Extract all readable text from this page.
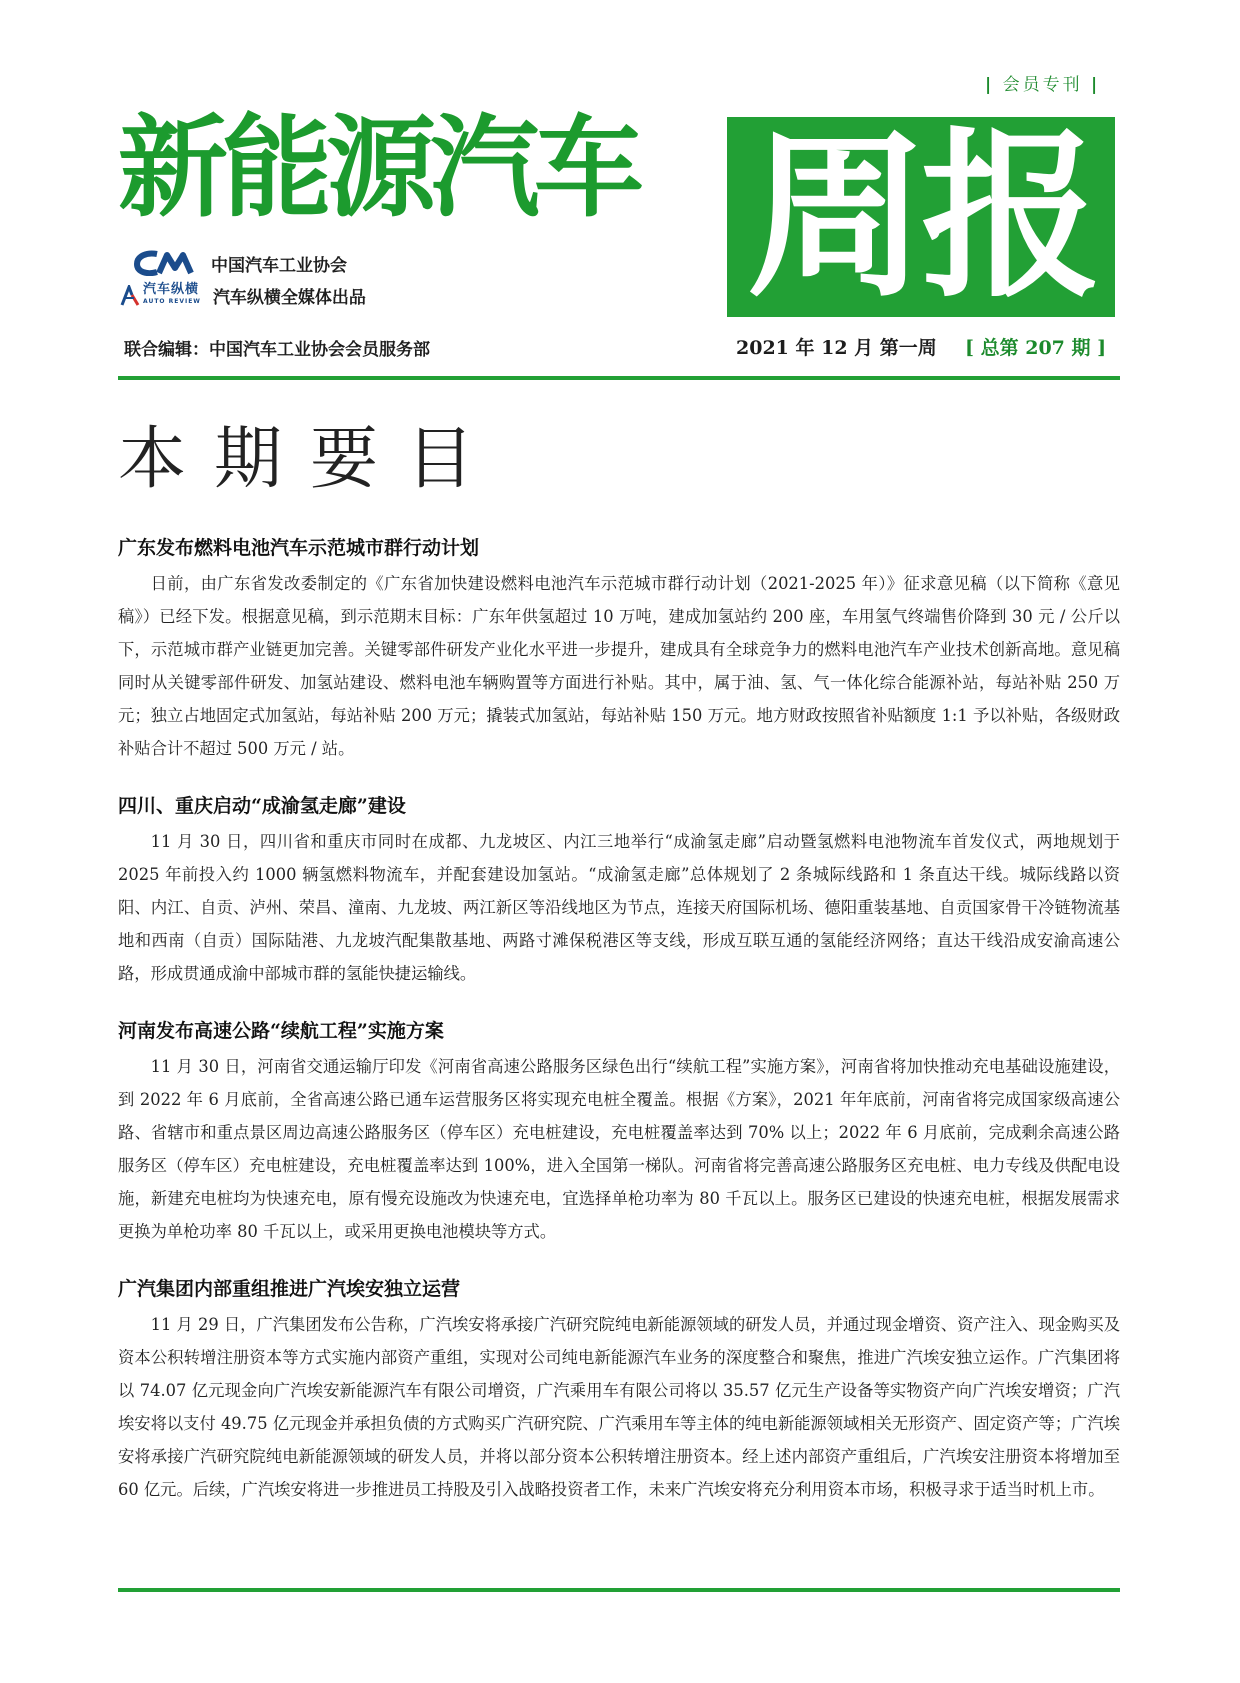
| 会员专刊 |
新能源汽车 周报
中国汽车工业协会
汽车纵横
AUTO REVIEW 汽车纵横全媒体出品
联合编辑：中国汽车工业协会会员服务部	2021 年 12 月 第一周 [ 总第 207 期 ]
本期要目
广东发布燃料电池汽车示范城市群行动计划

日前，由广东省发改委制定的《广东省加快建设燃料电池汽车示范城市群行动计划（2021-2025 年）》征求意见稿（以下简称《意见稿》）已经下发。根据意见稿，到示范期末目标：广东年供氢超过 10 万吨，建成加氢站约 200 座，车用氢气终端售价降到 30 元 / 公斤以下，示范城市群产业链更加完善。关键零部件研发产业化水平进一步提升，建成具有全球竞争力的燃料电池汽车产业技术创新高地。意见稿同时从关键零部件研发、加氢站建设、燃料电池车辆购置等方面进行补贴。其中，属于油、氢、气一体化综合能源补站，每站补贴 250 万元；独立占地固定式加氢站，每站补贴 200 万元；撬装式加氢站，每站补贴 150 万元。地方财政按照省补贴额度 1:1 予以补贴，各级财政补贴合计不超过 500 万元 / 站。

四川、重庆启动“成渝氢走廊”建设

11 月 30 日，四川省和重庆市同时在成都、九龙坡区、内江三地举行“成渝氢走廊”启动暨氢燃料电池物流车首发仪式，两地规划于 2025 年前投入约 1000 辆氢燃料物流车，并配套建设加氢站。“成渝氢走廊”总体规划了 2 条城际线路和 1 条直达干线。城际线路以资阳、内江、自贡、泸州、荣昌、潼南、九龙坡、两江新区等沿线地区为节点，连接天府国际机场、德阳重装基地、自贡国家骨干冷链物流基地和西南（自贡）国际陆港、九龙坡汽配集散基地、两路寸滩保税港区等支线，形成互联互通的氢能经济网络；直达干线沿成安渝高速公路，形成贯通成渝中部城市群的氢能快捷运输线。

河南发布高速公路“续航工程”实施方案

11 月 30 日，河南省交通运输厅印发《河南省高速公路服务区绿色出行“续航工程”实施方案》，河南省将加快推动充电基础设施建设，到 2022 年 6 月底前，全省高速公路已通车运营服务区将实现充电桩全覆盖。根据《方案》，2021 年年底前，河南省将完成国家级高速公路、省辖市和重点景区周边高速公路服务区（停车区）充电桩建设，充电桩覆盖率达到 70% 以上；2022 年 6 月底前，完成剩余高速公路服务区（停车区）充电桩建设，充电桩覆盖率达到 100%，进入全国第一梯队。河南省将完善高速公路服务区充电桩、电力专线及供配电设施，新建充电桩均为快速充电，原有慢充设施改为快速充电，宜选择单枪功率为 80 千瓦以上。服务区已建设的快速充电桩，根据发展需求更换为单枪功率 80 千瓦以上，或采用更换电池模块等方式。

广汽集团内部重组推进广汽埃安独立运营

11 月 29 日，广汽集团发布公告称，广汽埃安将承接广汽研究院纯电新能源领域的研发人员，并通过现金增资、资产注入、现金购买及资本公积转增注册资本等方式实施内部资产重组，实现对公司纯电新能源汽车业务的深度整合和聚焦，推进广汽埃安独立运作。广汽集团将以 74.07 亿元现金向广汽埃安新能源汽车有限公司增资，广汽乘用车有限公司将以 35.57 亿元生产设备等实物资产向广汽埃安增资；广汽埃安将以支付 49.75 亿元现金并承担负债的方式购买广汽研究院、广汽乘用车等主体的纯电新能源领域相关无形资产、固定资产等；广汽埃安将承接广汽研究院纯电新能源领域的研发人员，并将以部分资本公积转增注册资本。经上述内部资产重组后，广汽埃安注册资本将增加至 60 亿元。后续，广汽埃安将进一步推进员工持股及引入战略投资者工作，未来广汽埃安将充分利用资本市场，积极寻求于适当时机上市。
